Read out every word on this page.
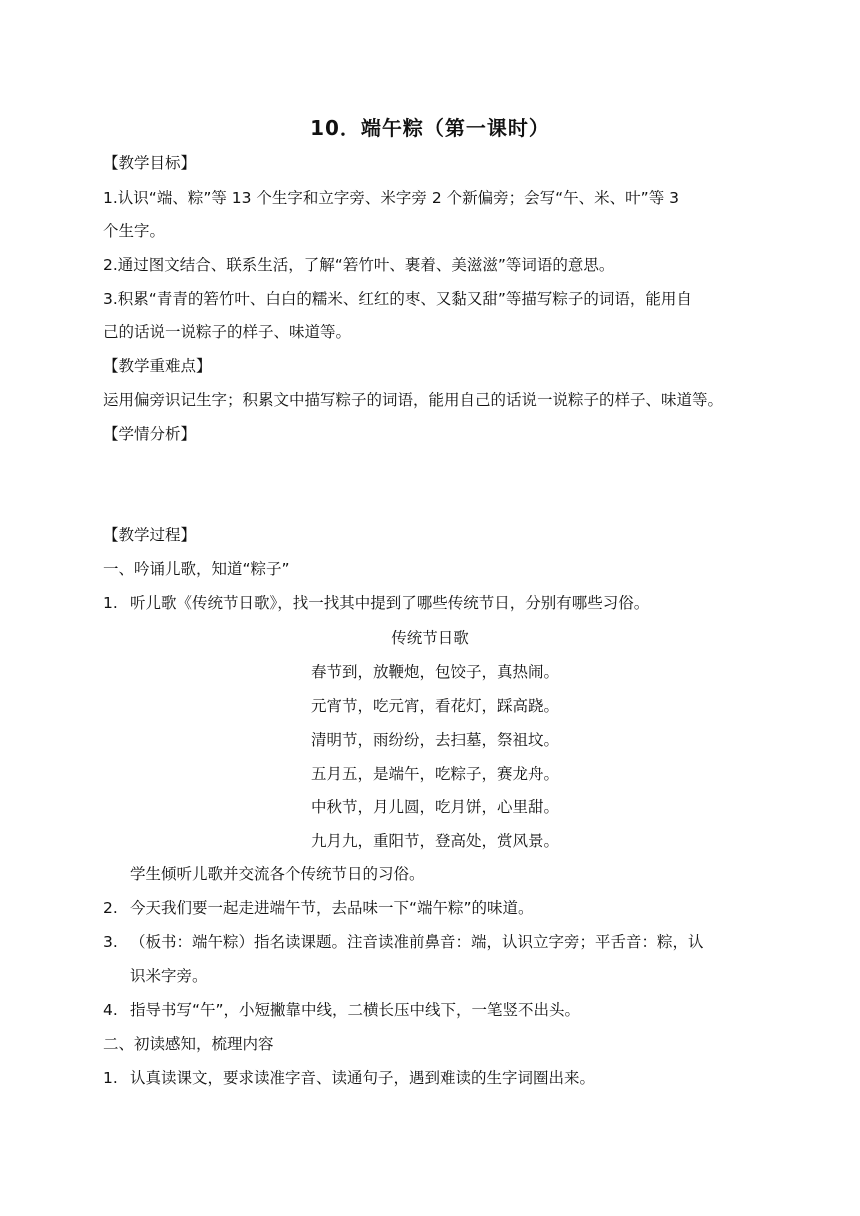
10．端午粽（第一课时）
【教学目标】
1.认识“端、粽”等 13 个生字和立字旁、米字旁 2 个新偏旁；会写“午、米、叶”等 3
个生字。
2.通过图文结合、联系生活，了解“箬竹叶、裹着、美滋滋”等词语的意思。
3.积累“青青的箬竹叶、白白的糯米、红红的枣、又黏又甜”等描写粽子的词语，能用自
己的话说一说粽子的样子、味道等。
【教学重难点】
运用偏旁识记生字；积累文中描写粽子的词语，能用自己的话说一说粽子的样子、味道等。
【学情分析】
【教学过程】
一、吟诵儿歌，知道“粽子”
1. 听儿歌《传统节日歌》，找一找其中提到了哪些传统节日，分别有哪些习俗。
传统节日歌
春节到，放鞭炮，包饺子，真热闹。
元宵节，吃元宵，看花灯，踩高跷。
清明节，雨纷纷，去扫墓，祭祖坟。
五月五，是端午，吃粽子，赛龙舟。
中秋节，月儿圆，吃月饼，心里甜。
九月九，重阳节，登高处，赏风景。
学生倾听儿歌并交流各个传统节日的习俗。
2. 今天我们要一起走进端午节，去品味一下“端午粽”的味道。
3. （板书：端午粽）指名读课题。注音读准前鼻音：端，认识立字旁；平舌音：粽，认
识米字旁。
4. 指导书写“午”，小短撇靠中线，二横长压中线下，一笔竖不出头。
二、初读感知，梳理内容
1. 认真读课文，要求读准字音、读通句子，遇到难读的生字词圈出来。
